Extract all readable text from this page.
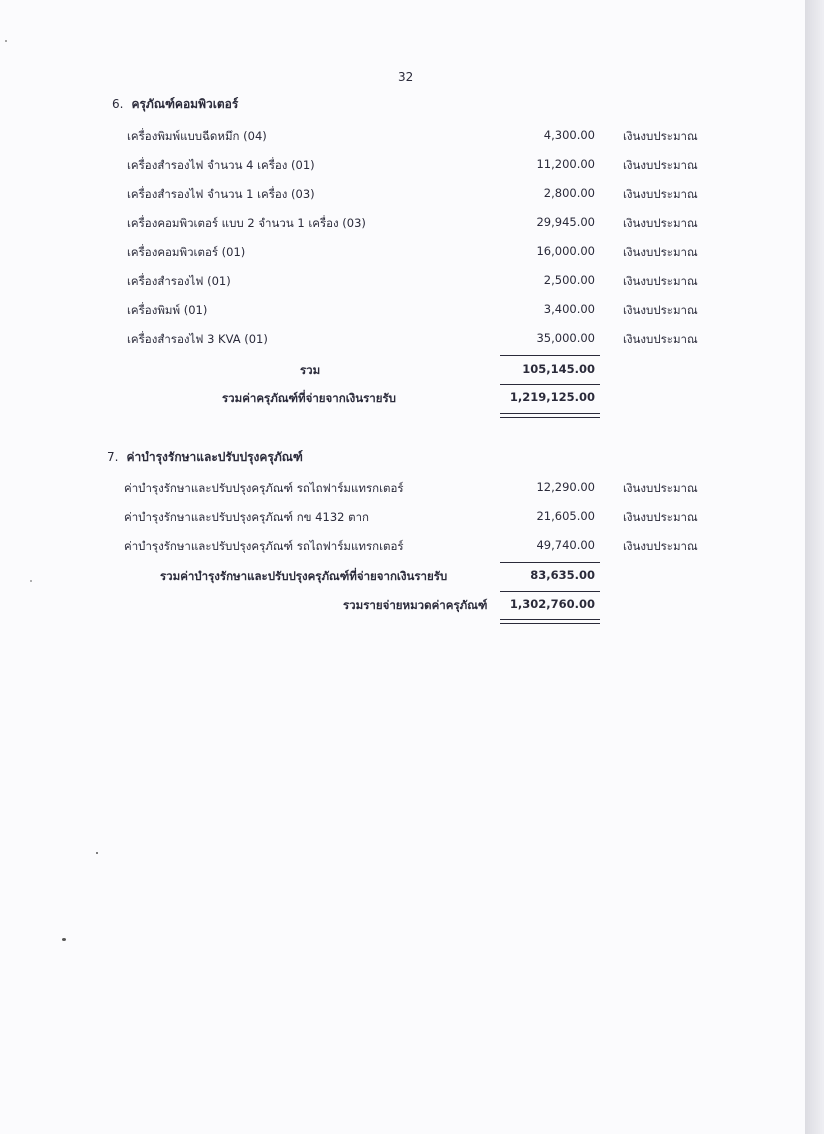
32
6. ครุภัณฑ์คอมพิวเตอร์
เครื่องพิมพ์แบบฉีดหมึก (04)	4,300.00 เงินงบประมาณ
เครื่องสำรองไฟ จำนวน 4 เครื่อง (01)	11,200.00 เงินงบประมาณ
เครื่องสำรองไฟ จำนวน 1 เครื่อง (03)	2,800.00 เงินงบประมาณ
เครื่องคอมพิวเตอร์ แบบ 2 จำนวน 1 เครื่อง (03)	29,945.00 เงินงบประมาณ
เครื่องคอมพิวเตอร์ (01)	16,000.00 เงินงบประมาณ
เครื่องสำรองไฟ (01)	2,500.00 เงินงบประมาณ
เครื่องพิมพ์ (01)	3,400.00 เงินงบประมาณ
เครื่องสำรองไฟ 3 KVA (01)	35,000.00 เงินงบประมาณ
รวม	105,145.00
รวมค่าครุภัณฑ์ที่จ่ายจากเงินรายรับ	1,219,125.00
7. ค่าบำรุงรักษาและปรับปรุงครุภัณฑ์
ค่าบำรุงรักษาและปรับปรุงครุภัณฑ์ รถไถฟาร์มแทรกเตอร์	12,290.00 เงินงบประมาณ
ค่าบำรุงรักษาและปรับปรุงครุภัณฑ์ กข 4132 ตาก	21,605.00 เงินงบประมาณ
ค่าบำรุงรักษาและปรับปรุงครุภัณฑ์ รถไถฟาร์มแทรกเตอร์	49,740.00 เงินงบประมาณ
รวมค่าบำรุงรักษาและปรับปรุงครุภัณฑ์ที่จ่ายจากเงินรายรับ	83,635.00
รวมรายจ่ายหมวดค่าครุภัณฑ์ 1,302,760.00
